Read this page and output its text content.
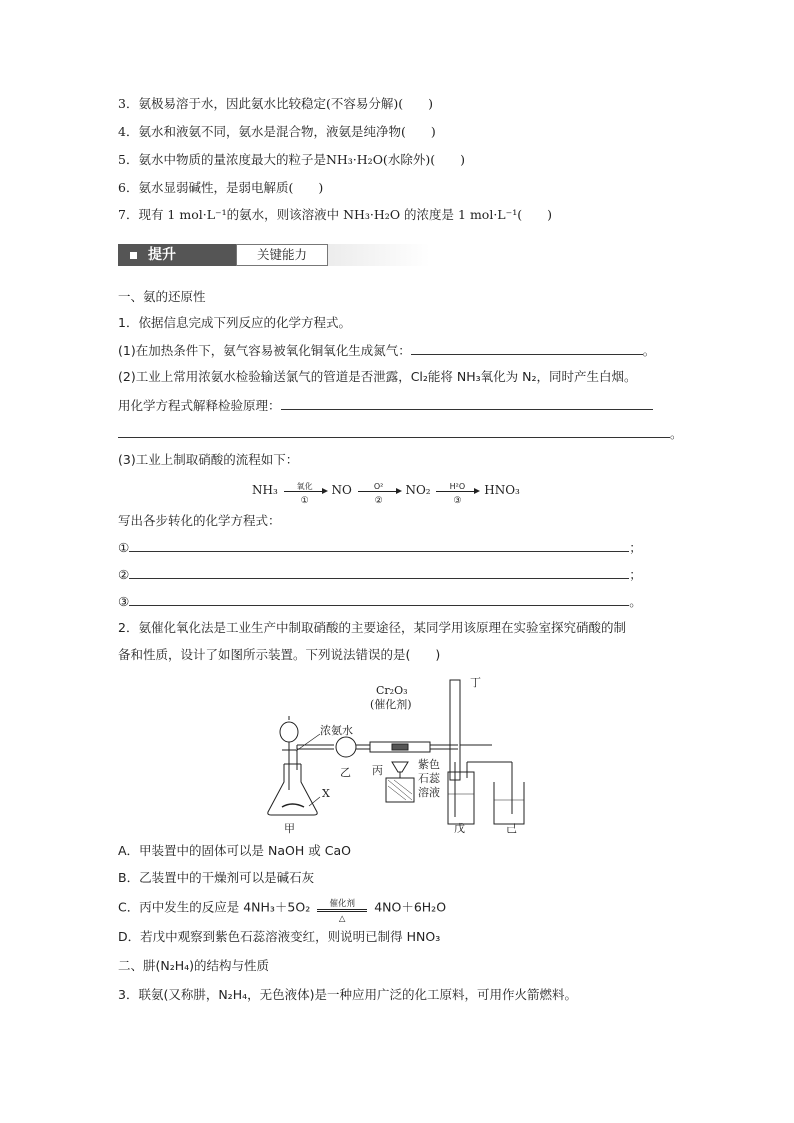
3．氨极易溶于水，因此氨水比较稳定(不容易分解)(　　)
4．氨水和液氨不同，氨水是混合物，液氨是纯净物(　　)
5．氨水中物质的量浓度最大的粒子是NH₃·H₂O(水除外)(　　)
6．氨水显弱碱性，是弱电解质(　　)
7．现有 1 mol·L⁻¹的氨水，则该溶液中 NH₃·H₂O 的浓度是 1 mol·L⁻¹(　　)
提升	关键能力
一、氨的还原性
1．依据信息完成下列反应的化学方程式。
(1)在加热条件下，氨气容易被氧化铜氧化生成氮气：	。
(2)工业上常用浓氨水检验输送氯气的管道是否泄露，Cl₂能将 NH₃氧化为 N₂，同时产生白烟。
用化学方程式解释检验原理：
。
(3)工业上制取硝酸的流程如下：
NH₃	氧化
①
NO	O²
②
NO₂	H²O
③
HNO₃
写出各步转化的化学方程式：
①	；
②	；
③	。
2．氨催化氧化法是工业生产中制取硝酸的主要途径，某同学用该原理在实验室探究硝酸的制
备和性质，设计了如图所示装置。下列说法错误的是(　　)
浓氨水
Cr₂O₃
(催化剂)
丁
丙
乙
X
甲
紫色
石蕊
溶液
戊	己
A．甲装置中的固体可以是 NaOH 或 CaO
B．乙装置中的干燥剂可以是碱石灰
C．丙中发生的反应是 4NH₃＋5O₂	催化剂
△
4NO＋6H₂O
D．若戊中观察到紫色石蕊溶液变红，则说明已制得 HNO₃
二、肼(N₂H₄)的结构与性质
3．联氨(又称肼，N₂H₄，无色液体)是一种应用广泛的化工原料，可用作火箭燃料。
